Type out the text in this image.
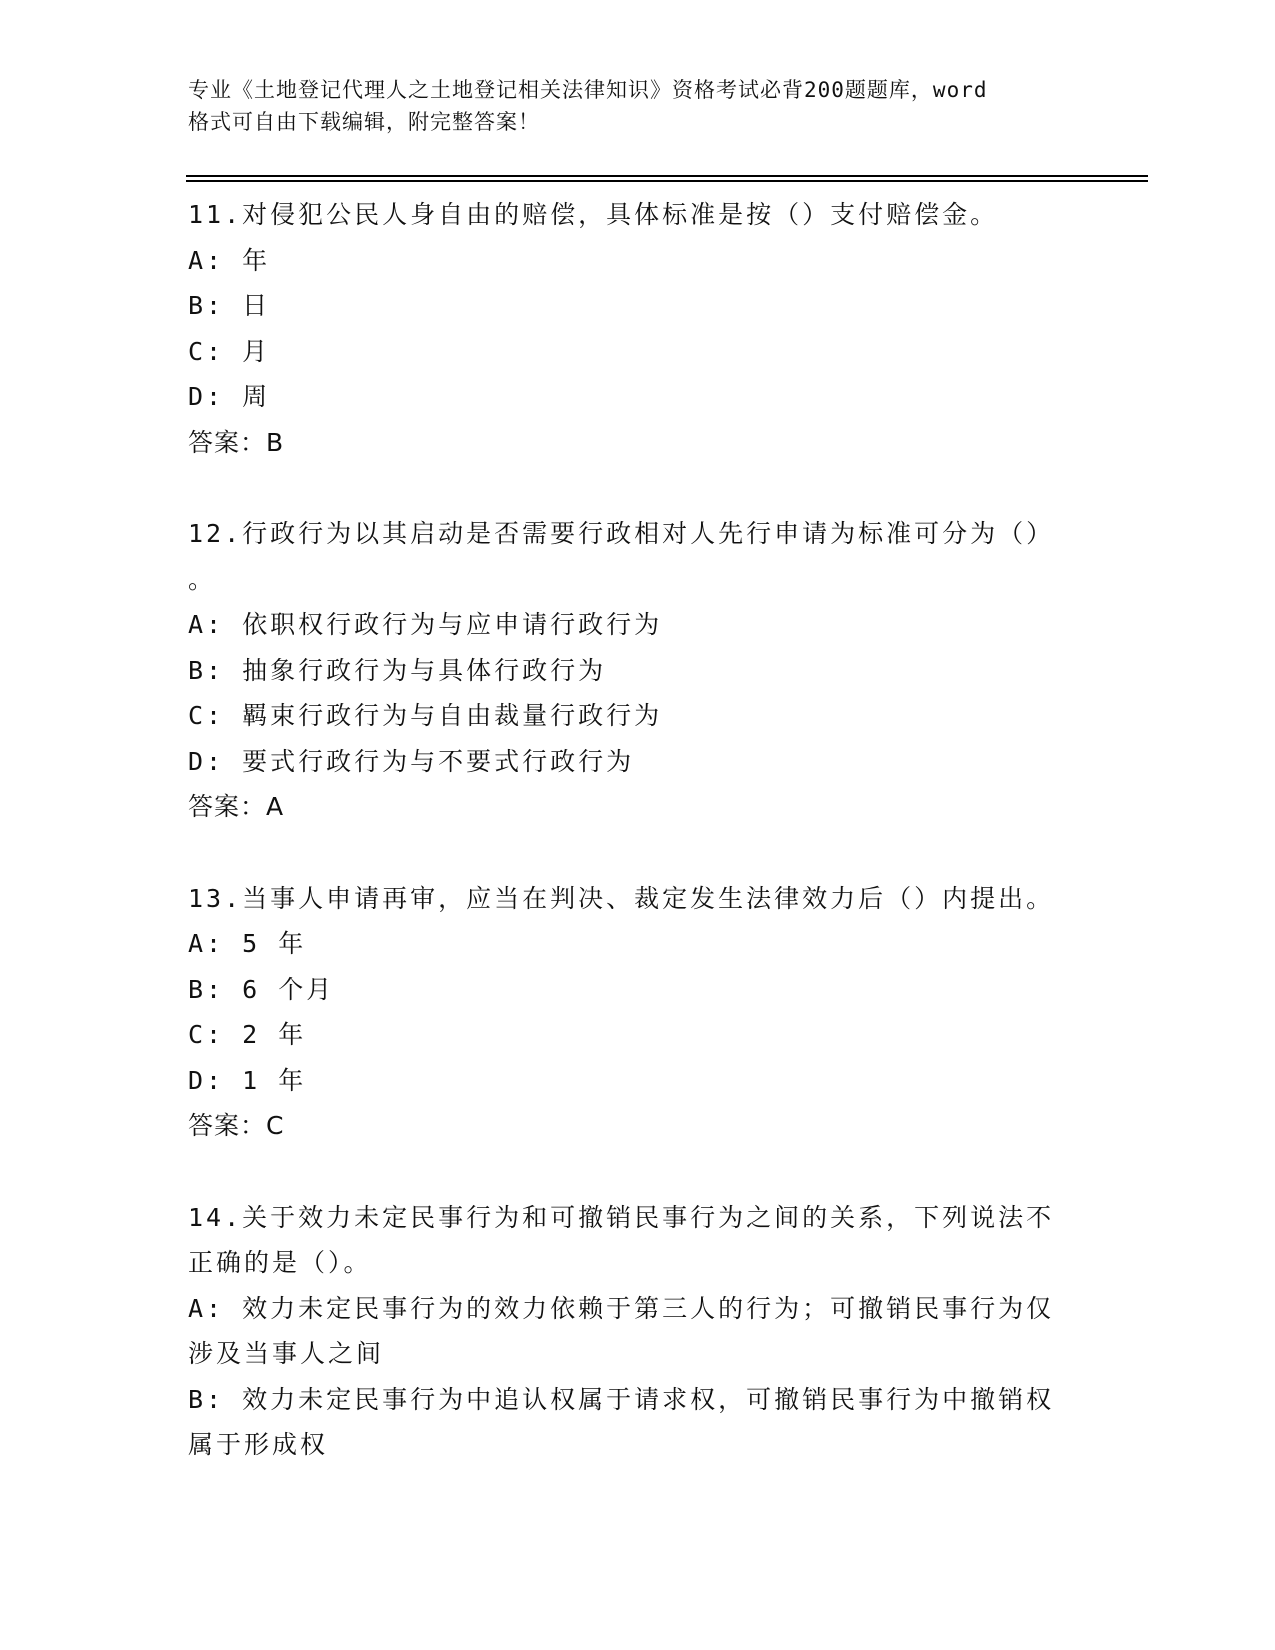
专业《土地登记代理人之土地登记相关法律知识》资格考试必背200题题库，word
格式可自由下载编辑，附完整答案！
11.对侵犯公民人身自由的赔偿，具体标准是按（）支付赔偿金。
A: 年
B: 日
C: 月
D: 周
答案：B
12.行政行为以其启动是否需要行政相对人先行申请为标准可分为（）
。
A: 依职权行政行为与应申请行政行为
B: 抽象行政行为与具体行政行为
C: 羁束行政行为与自由裁量行政行为
D: 要式行政行为与不要式行政行为
答案：A
13.当事人申请再审，应当在判决、裁定发生法律效力后（）内提出。
A: 5 年
B: 6 个月
C: 2 年
D: 1 年
答案：C
14.关于效力未定民事行为和可撤销民事行为之间的关系，下列说法不
正确的是（）。
A: 效力未定民事行为的效力依赖于第三人的行为；可撤销民事行为仅
涉及当事人之间
B: 效力未定民事行为中追认权属于请求权，可撤销民事行为中撤销权
属于形成权
